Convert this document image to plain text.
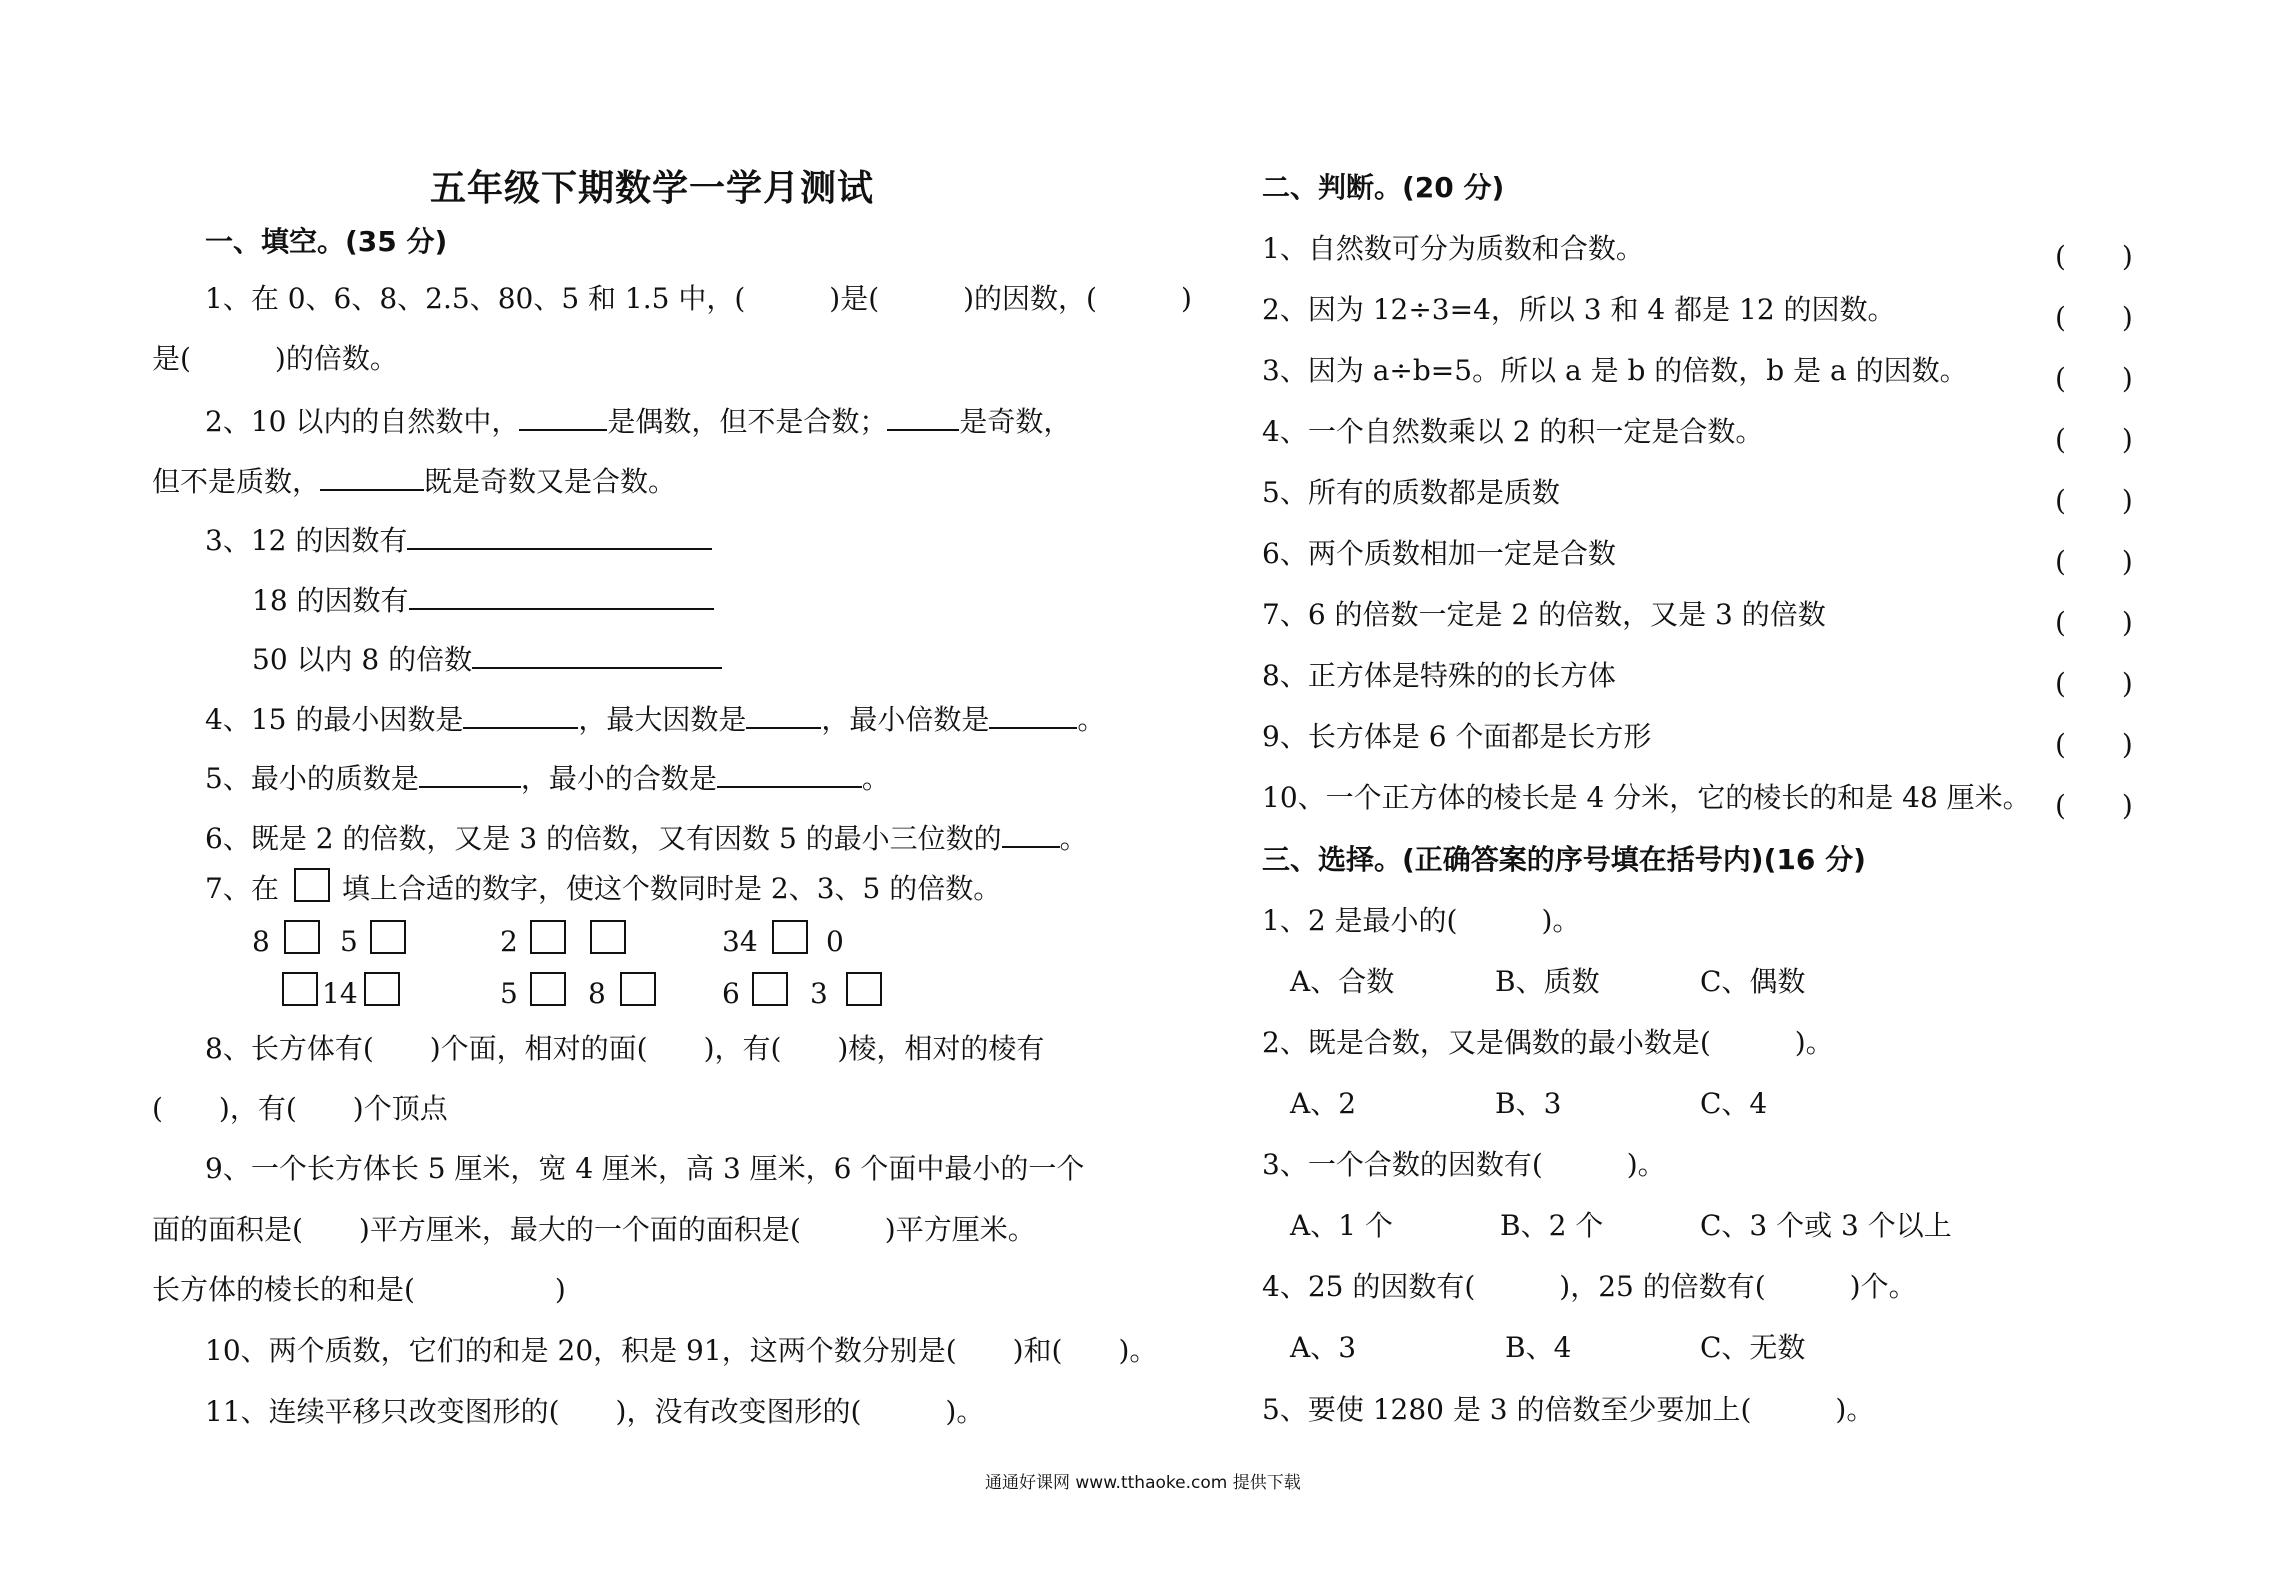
五年级下期数学一学月测试
一、填空。(35 分)
1、在 0、6、8、2.5、80、5 和 1.5 中，(　　　)是(　　　)的因数，(　　　)
是(　　　)的倍数。
2、10 以内的自然数中，	是偶数，但不是合数；	是奇数，
但不是质数，	既是奇数又是合数。
3、12 的因数有
18 的因数有
50 以内 8 的倍数
4、15 的最小因数是	，最大因数是	，最小倍数是	。
5、最小的质数是	，最小的合数是	。
6、既是 2 的倍数，又是 3 的倍数，又有因数 5 的最小三位数的 。
7、在 填上合适的数字，使这个数同时是 2、3、5 的倍数。
8	5	2	34 0
14	5	8	6	3
8、长方体有(　　)个面，相对的面(　　)，有(　　)棱，相对的棱有
(　　)，有(　　)个顶点
9、一个长方体长 5 厘米，宽 4 厘米，高 3 厘米，6 个面中最小的一个
面的面积是(　　)平方厘米，最大的一个面的面积是(　　　)平方厘米。
长方体的棱长的和是(　　　　　)
10、两个质数，它们的和是 20，积是 91，这两个数分别是(　　)和(　　)。
11、连续平移只改变图形的(　　)，没有改变图形的(　　　)。
二、判断。(20 分)
1、自然数可分为质数和合数。	(　　)
2、因为 12÷3=4，所以 3 和 4 都是 12 的因数。	(　　)
3、因为 a÷b=5。所以 a 是 b 的倍数，b 是 a 的因数。	(　　)
4、一个自然数乘以 2 的积一定是合数。	(　　)
5、所有的质数都是质数	(　　)
6、两个质数相加一定是合数	(　　)
7、6 的倍数一定是 2 的倍数，又是 3 的倍数	(　　)
8、正方体是特殊的的长方体	(　　)
9、长方体是 6 个面都是长方形	(　　)
10、一个正方体的棱长是 4 分米，它的棱长的和是 48 厘米。 (　　)
三、选择。(正确答案的序号填在括号内)(16 分)
1、2 是最小的(　　　)。
A、合数	B、质数	C、偶数
2、既是合数，又是偶数的最小数是(　　　)。
A、2	B、3	C、4
3、一个合数的因数有(　　　)。
A、1 个	B、2 个	C、3 个或 3 个以上
4、25 的因数有(　　　)，25 的倍数有(　　　)个。
A、3	B、4	C、无数
5、要使 1280 是 3 的倍数至少要加上(　　　)。
通通好课网 www.tthaoke.com 提供下载
